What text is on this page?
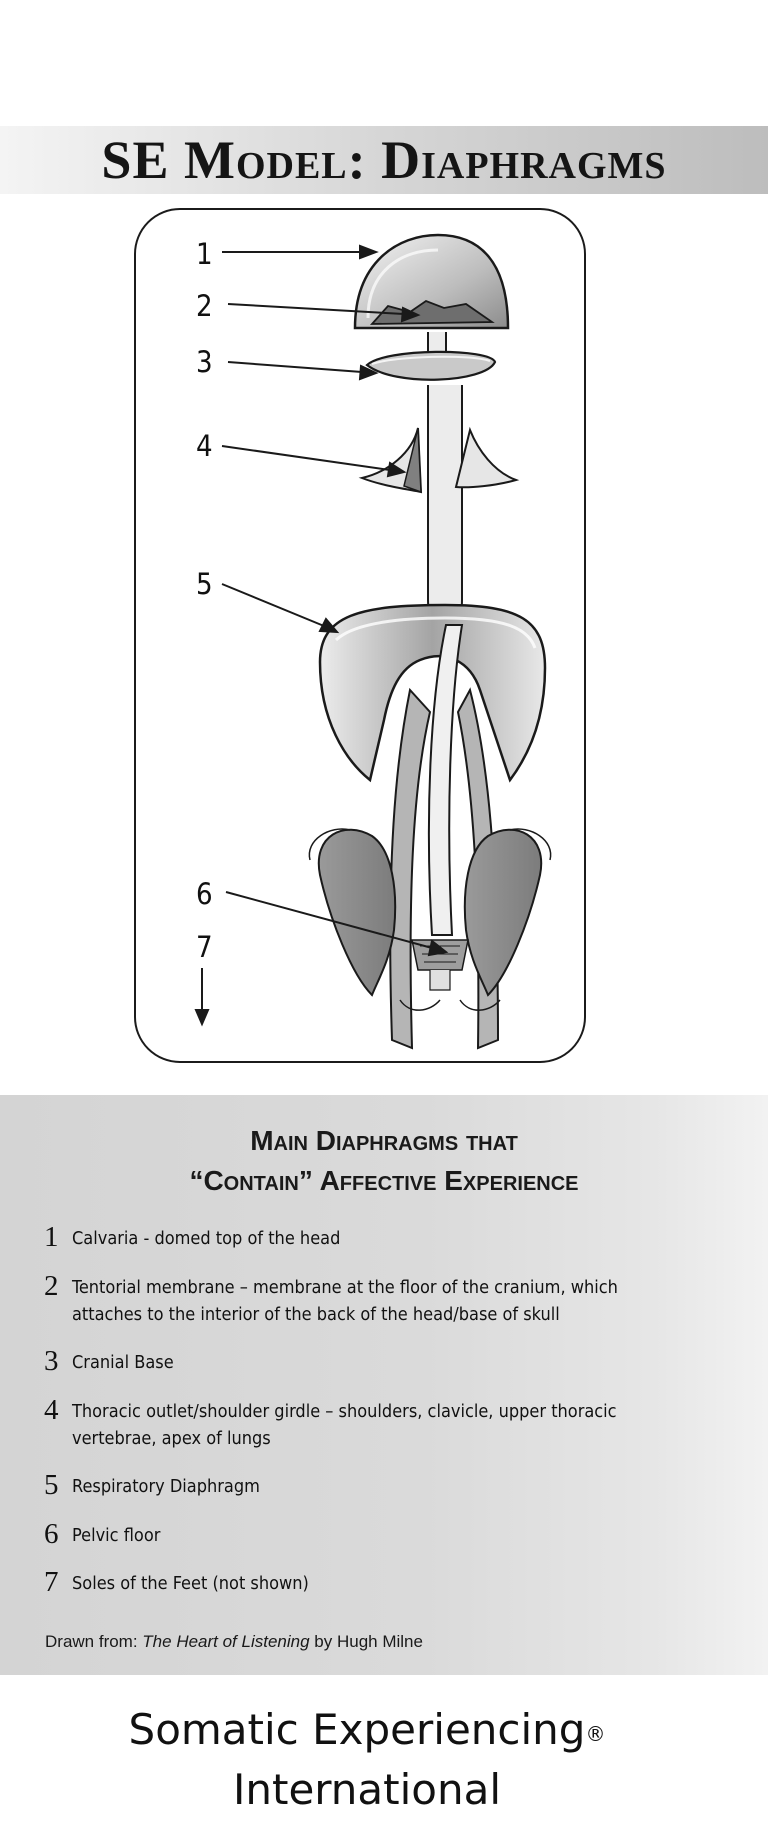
SE Model: Diaphragms
1
2
3
4
5
6
7
Main Diaphragms that
“Contain” Affective Experience
1 Calvaria - domed top of the head
2 Tentorial membrane – membrane at the floor of the cranium, which attaches to the interior of the back of the head/base of skull
3 Cranial Base
4 Thoracic outlet/shoulder girdle – shoulders, clavicle, upper thoracic vertebrae, apex of lungs
5 Respiratory Diaphragm
6 Pelvic floor
7 Soles of the Feet (not shown)
Drawn from: The Heart of Listening by Hugh Milne
Somatic Experiencing®
International
